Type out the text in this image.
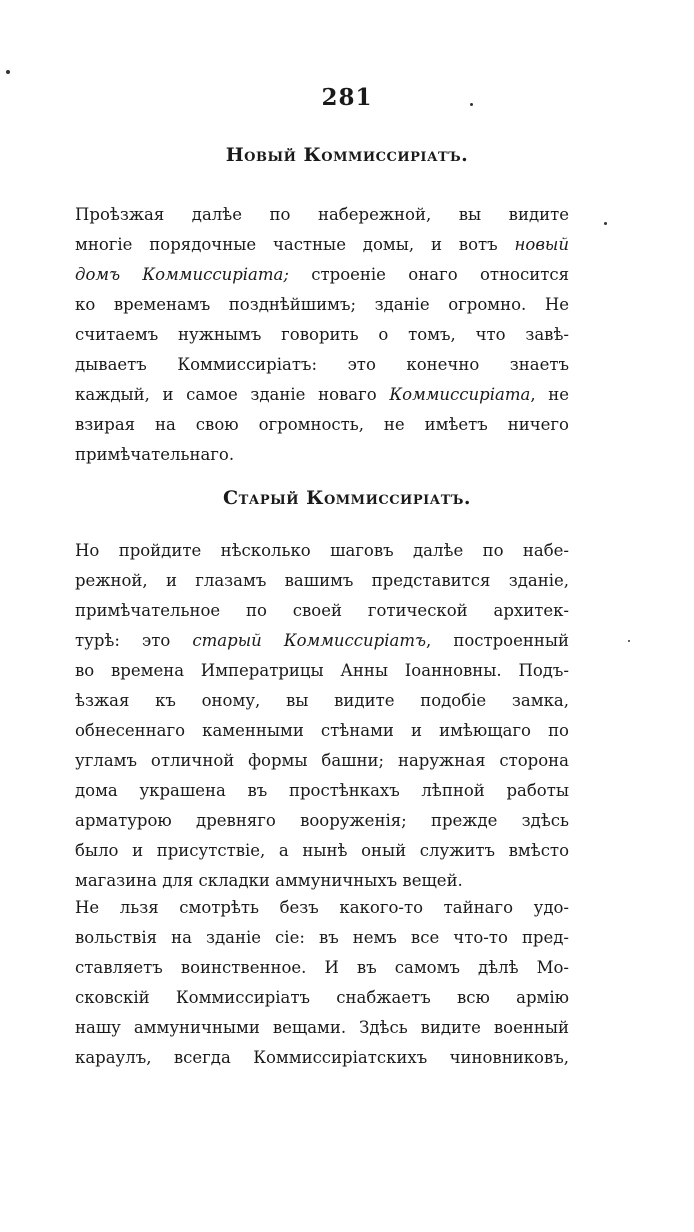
281
Новый Коммиссиріатъ.
Проѣзжая далѣе по набережной, вы видите
многіе порядочные частные домы, и вотъ новый
домъ Коммиссиріата; строеніе онаго относится
ко временамъ позднѣйшимъ; зданіе огромно. Не
считаемъ нужнымъ говорить о томъ, что завѣ-
дываетъ Коммиссиріатъ: это конечно знаетъ
каждый, и самое зданіе новаго Коммиссиріата, не
взирая на свою огромность, не имѣетъ ничего
примѣчательнаго.
Старый Коммиссиріатъ.
Но пройдите нѣсколько шаговъ далѣе по набе-
режной, и глазамъ вашимъ представится зданіе,
примѣчательное по своей готической архитек-
турѣ: это старый Коммиссиріатъ, построенный
во времена Императрицы Анны Іоанновны. Подъ-
ѣзжая къ оному, вы видите подобіе замка,
обнесеннаго каменными стѣнами и имѣющаго по
угламъ отличной формы башни; наружная сторона
дома украшена въ простѣнкахъ лѣпной работы
арматурою древняго вооруженія; прежде здѣсь
было и присутствіе, а нынѣ оный служитъ вмѣсто
магазина для складки аммуничныхъ вещей.
Не льзя смотрѣть безъ какого-то тайнаго удо-
вольствія на зданіе сіе: въ немъ все что-то пред-
ставляетъ воинственное. И въ самомъ дѣлѣ Мо-
сковскій Коммиссиріатъ снабжаетъ всю армію
нашу аммуничными вещами. Здѣсь видите военный
караулъ, всегда Коммиссиріатскихъ чиновниковъ,
